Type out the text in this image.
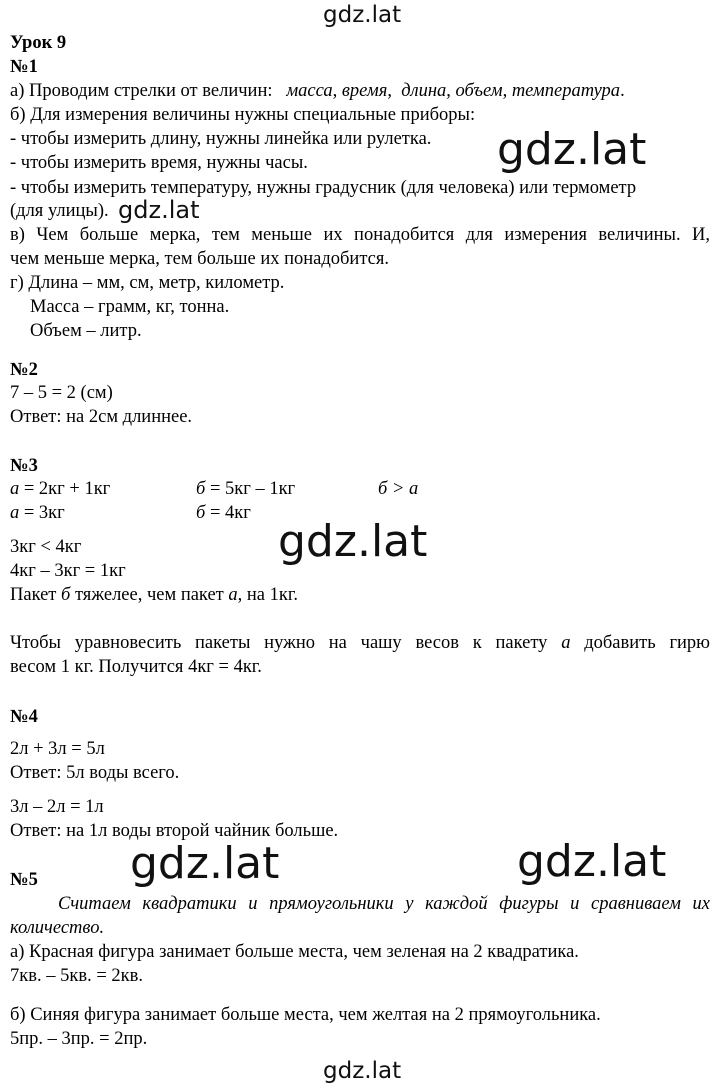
gdz.lat
gdz.lat
gdz.lat
gdz.lat
gdz.lat	gdz.lat
gdz.lat
Урок 9
№1
а) Проводим стрелки от величин: масса, время,  длина, объем, температура.
б) Для измерения величины нужны специальные приборы:
- чтобы измерить длину, нужны линейка или рулетка.
- чтобы измерить время, нужны часы.
- чтобы измерить температуру, нужны градусник (для человека) или термометр
(для улицы).
в) Чем больше мерка, тем меньше их понадобится для измерения величины. И,
чем меньше мерка, тем больше их понадобится.
г) Длина – мм, см, метр, километр.
Масса – грамм, кг, тонна.
Объем – литр.
№2
7 – 5 = 2 (см)
Ответ: на 2см длиннее.
№3
а = 2кг + 1кг	б = 5кг – 1кг	б > а
а = 3кг	б = 4кг
3кг < 4кг
4кг – 3кг = 1кг
Пакет б тяжелее, чем пакет а, на 1кг.
Чтобы уравновесить пакеты нужно на чашу весов к пакету а добавить гирю
весом 1 кг. Получится 4кг = 4кг.
№4
2л + 3л = 5л
Ответ: 5л воды всего.
3л – 2л = 1л
Ответ: на 1л воды второй чайник больше.
№5
Считаем квадратики и прямоугольники у каждой фигуры и сравниваем их
количество.
а) Красная фигура занимает больше места, чем зеленая на 2 квадратика.
7кв. – 5кв. = 2кв.
б) Синяя фигура занимает больше места, чем желтая на 2 прямоугольника.
5пр. – 3пр. = 2пр.
